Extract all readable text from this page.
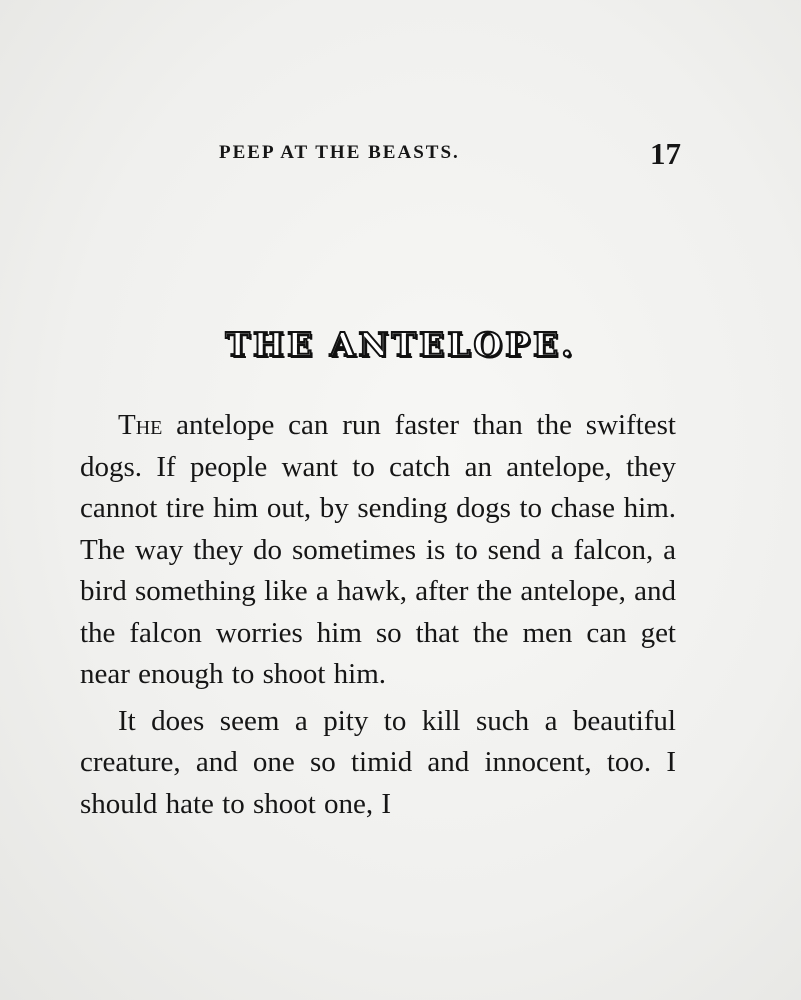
PEEP AT THE BEASTS.	17
THE ANTELOPE.

The antelope can run faster than the swiftest dogs. If people want to catch an antelope, they cannot tire him out, by sending dogs to chase him. The way they do sometimes is to send a falcon, a bird something like a hawk, after the antelope, and the falcon worries him so that the men can get near enough to shoot him.

It does seem a pity to kill such a beautiful creature, and one so timid and innocent, too. I should hate to shoot one, I
